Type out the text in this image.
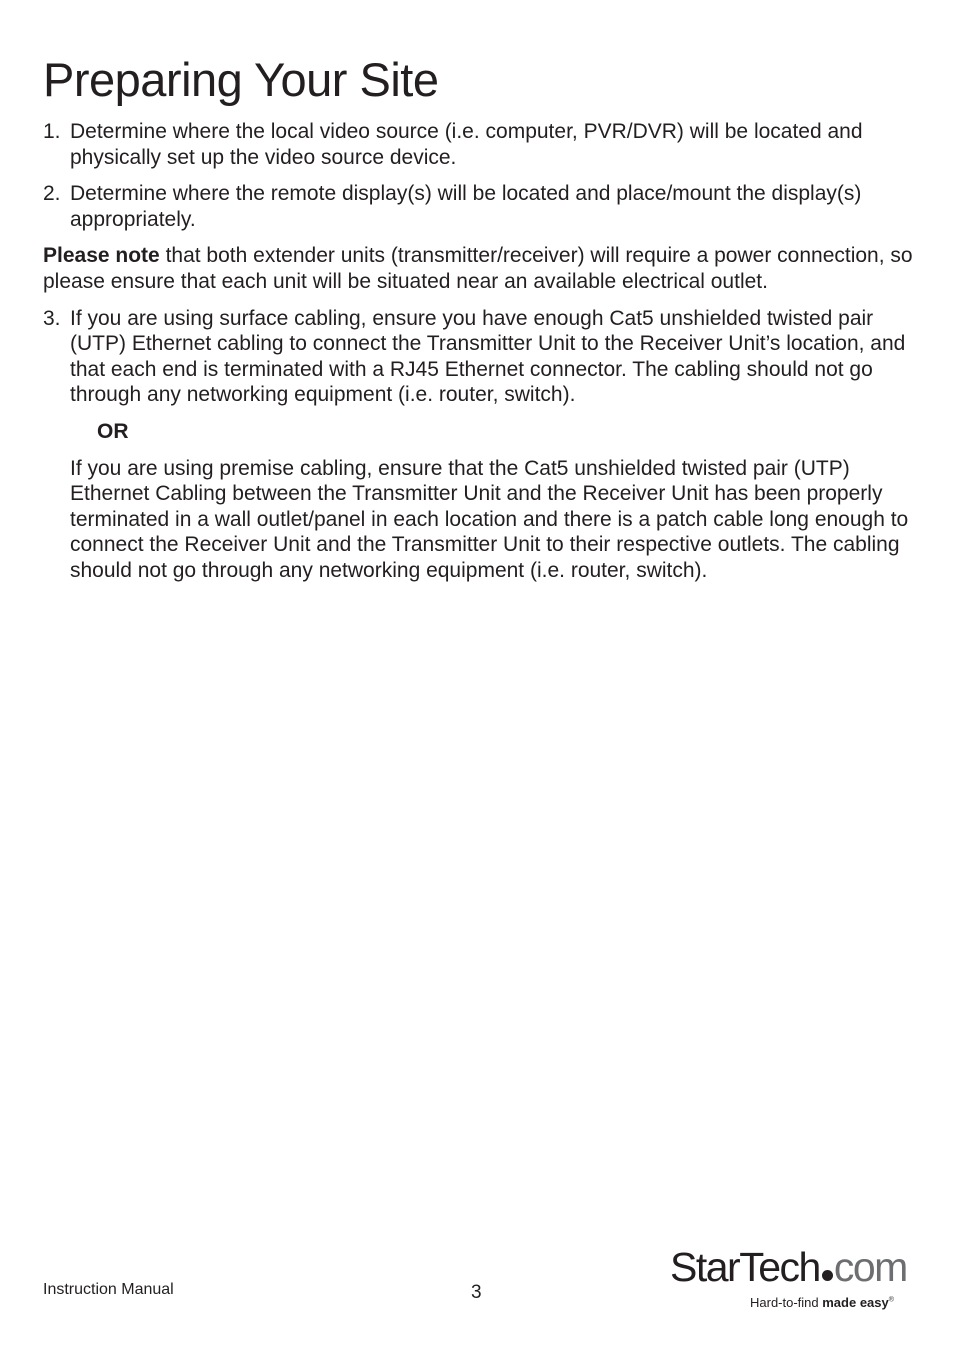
Preparing Your Site
1. Determine where the local video source (i.e. computer, PVR/DVR) will be located and physically set up the video source device.
2. Determine where the remote display(s) will be located and place/mount the display(s) appropriately.

Please note that both extender units (transmitter/receiver) will require a power connection, so please ensure that each unit will be situated near an available electrical outlet.

3. If you are using surface cabling, ensure you have enough Cat5 unshielded twisted pair (UTP) Ethernet cabling to connect the Transmitter Unit to the Receiver Unit’s location, and that each end is terminated with a RJ45 Ethernet connector. The cabling should not go through any networking equipment (i.e. router, switch).
OR

If you are using premise cabling, ensure that the Cat5 unshielded twisted pair (UTP) Ethernet Cabling between the Transmitter Unit and the Receiver Unit has been properly terminated in a wall outlet/panel in each location and there is a patch cable long enough to connect the Receiver Unit and the Transmitter Unit to their respective outlets. The cabling should not go through any networking equipment (i.e. router, switch).

Instruction Manual	3
StarTech com
Hard-to-find made easy®
